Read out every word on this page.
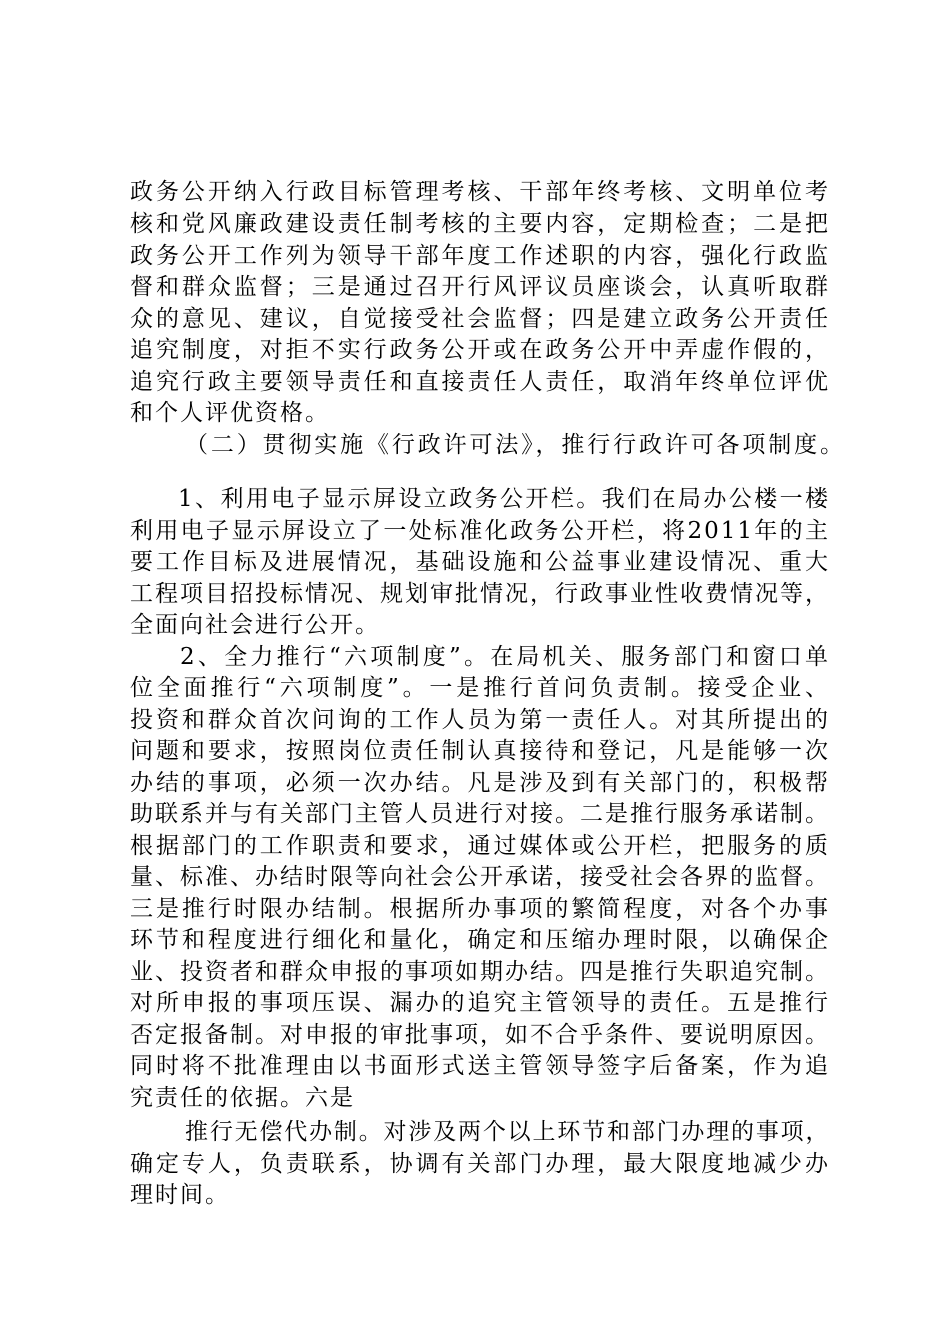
政务公开纳入行政目标管理考核、干部年终考核、文明单位考
核和党风廉政建设责任制考核的主要内容，定期检查；二是把
政务公开工作列为领导干部年度工作述职的内容，强化行政监
督和群众监督；三是通过召开行风评议员座谈会，认真听取群
众的意见、建议，自觉接受社会监督；四是建立政务公开责任
追究制度，对拒不实行政务公开或在政务公开中弄虚作假的，
追究行政主要领导责任和直接责任人责任，取消年终单位评优
和个人评优资格。
（二）贯彻实施《行政许可法》，推行行政许可各项制度。
1、利用电子显示屏设立政务公开栏。我们在局办公楼一楼
利用电子显示屏设立了一处标准化政务公开栏，将2011年的主
要工作目标及进展情况，基础设施和公益事业建设情况、重大
工程项目招投标情况、规划审批情况，行政事业性收费情况等，
全面向社会进行公开。
2、全力推行“六项制度”。在局机关、服务部门和窗口单
位全面推行“六项制度”。一是推行首问负责制。接受企业、
投资和群众首次问询的工作人员为第一责任人。对其所提出的
问题和要求，按照岗位责任制认真接待和登记，凡是能够一次
办结的事项，必须一次办结。凡是涉及到有关部门的，积极帮
助联系并与有关部门主管人员进行对接。二是推行服务承诺制。
根据部门的工作职责和要求，通过媒体或公开栏，把服务的质
量、标准、办结时限等向社会公开承诺，接受社会各界的监督。
三是推行时限办结制。根据所办事项的繁简程度，对各个办事
环节和程度进行细化和量化，确定和压缩办理时限，以确保企
业、投资者和群众申报的事项如期办结。四是推行失职追究制。
对所申报的事项压误、漏办的追究主管领导的责任。五是推行
否定报备制。对申报的审批事项，如不合乎条件、要说明原因。
同时将不批准理由以书面形式送主管领导签字后备案，作为追
究责任的依据。六是
推行无偿代办制。对涉及两个以上环节和部门办理的事项，
确定专人，负责联系，协调有关部门办理，最大限度地减少办
理时间。
